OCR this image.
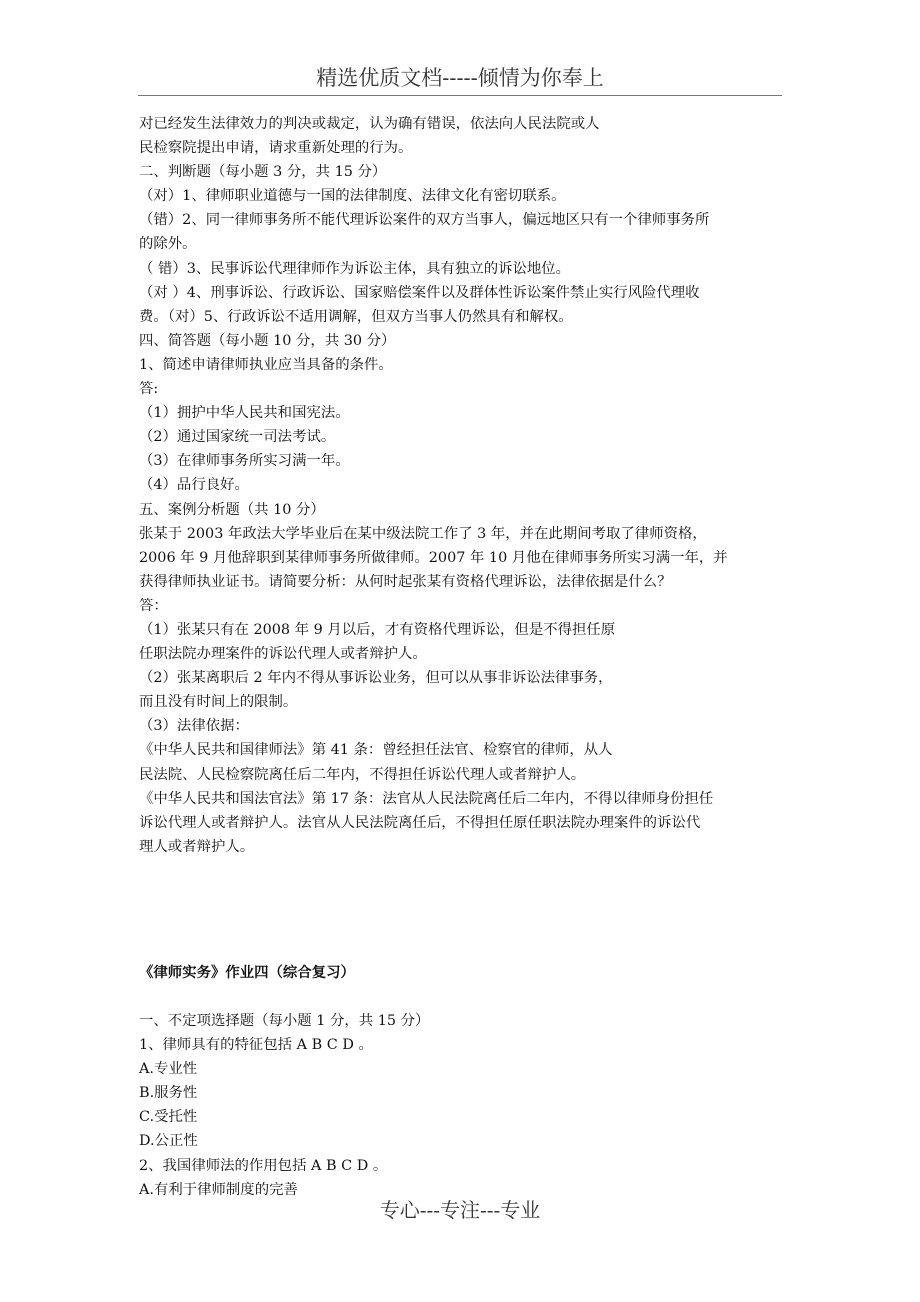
精选优质文档-----倾情为你奉上
对已经发生法律效力的判决或裁定，认为确有错误，依法向人民法院或人
民检察院提出申请，请求重新处理的行为。
二、判断题（每小题 3 分，共 15 分）
（对）1、律师职业道德与一国的法律制度、法律文化有密切联系。
（错）2、同一律师事务所不能代理诉讼案件的双方当事人，偏远地区只有一个律师事务所
的除外。
（ 错）3、民事诉讼代理律师作为诉讼主体，具有独立的诉讼地位。
（对 ）4、刑事诉讼、行政诉讼、国家赔偿案件以及群体性诉讼案件禁止实行风险代理收
费。（对）5、行政诉讼不适用调解，但双方当事人仍然具有和解权。
四、简答题（每小题 10 分，共 30 分）
1、简述申请律师执业应当具备的条件。
答:
（1）拥护中华人民共和国宪法。
（2）通过国家统一司法考试。
（3）在律师事务所实习满一年。
（4）品行良好。
五、案例分析题（共 10 分）
张某于 2003 年政法大学毕业后在某中级法院工作了 3 年，并在此期间考取了律师资格，
2006 年 9 月他辞职到某律师事务所做律师。2007 年 10 月他在律师事务所实习满一年，并
获得律师执业证书。请简要分析：从何时起张某有资格代理诉讼，法律依据是什么？
答：
（1）张某只有在 2008 年 9 月以后，才有资格代理诉讼，但是不得担任原
任职法院办理案件的诉讼代理人或者辩护人。
（2）张某离职后 2 年内不得从事诉讼业务，但可以从事非诉讼法律事务，
而且没有时间上的限制。
（3）法律依据：
《中华人民共和国律师法》第 41 条：曾经担任法官、检察官的律师，从人
民法院、人民检察院离任后二年内，不得担任诉讼代理人或者辩护人。
《中华人民共和国法官法》第 17 条：法官从人民法院离任后二年内，不得以律师身份担任
诉讼代理人或者辩护人。法官从人民法院离任后，不得担任原任职法院办理案件的诉讼代
理人或者辩护人。
《律师实务》作业四（综合复习）
一、不定项选择题（每小题 1 分，共 15 分）
1、律师具有的特征包括 A B C D 。
A.专业性
B.服务性
C.受托性
D.公正性
2、我国律师法的作用包括 A B C D 。
A.有利于律师制度的完善
专心---专注---专业
